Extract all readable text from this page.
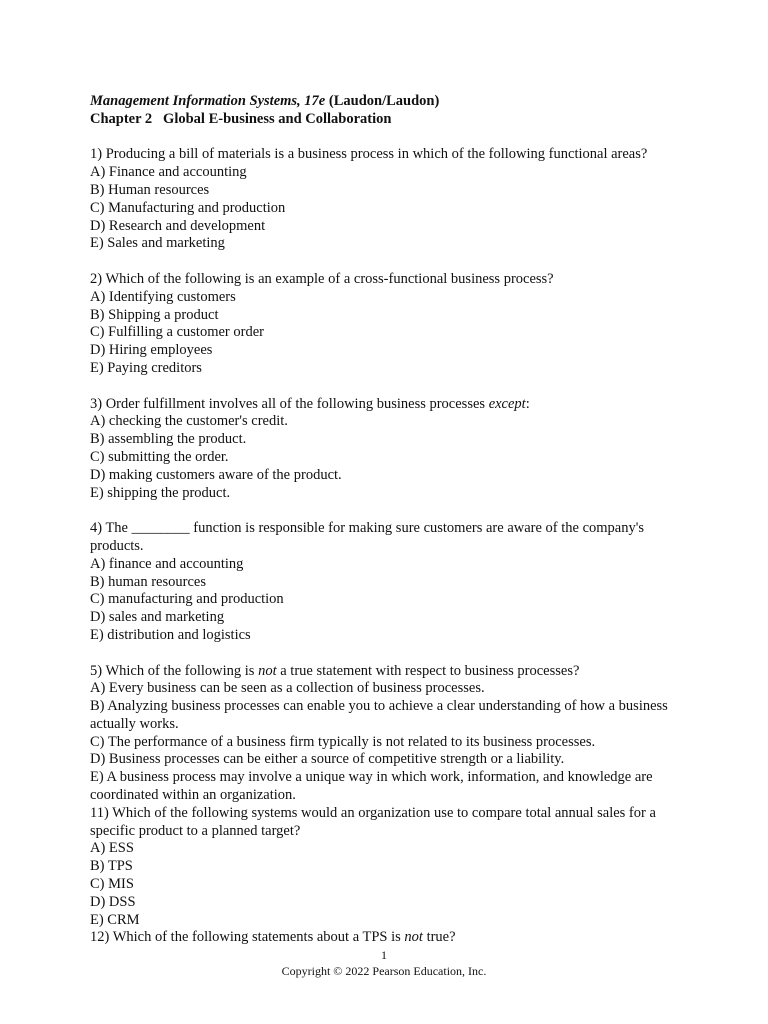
Management Information Systems, 17e (Laudon/Laudon)
Chapter 2   Global E-business and Collaboration
1) Producing a bill of materials is a business process in which of the following functional areas?
A) Finance and accounting
B) Human resources
C) Manufacturing and production
D) Research and development
E) Sales and marketing
2) Which of the following is an example of a cross-functional business process?
A) Identifying customers
B) Shipping a product
C) Fulfilling a customer order
D) Hiring employees
E) Paying creditors
3) Order fulfillment involves all of the following business processes except:
A) checking the customer's credit.
B) assembling the product.
C) submitting the order.
D) making customers aware of the product.
E) shipping the product.
4) The ________ function is responsible for making sure customers are aware of the company's products.
A) finance and accounting
B) human resources
C) manufacturing and production
D) sales and marketing
E) distribution and logistics
5) Which of the following is not a true statement with respect to business processes?
A) Every business can be seen as a collection of business processes.
B) Analyzing business processes can enable you to achieve a clear understanding of how a business actually works.
C) The performance of a business firm typically is not related to its business processes.
D) Business processes can be either a source of competitive strength or a liability.
E) A business process may involve a unique way in which work, information, and knowledge are coordinated within an organization.
11) Which of the following systems would an organization use to compare total annual sales for a specific product to a planned target?
A) ESS
B) TPS
C) MIS
D) DSS
E) CRM
12) Which of the following statements about a TPS is not true?
1
Copyright © 2022 Pearson Education, Inc.
